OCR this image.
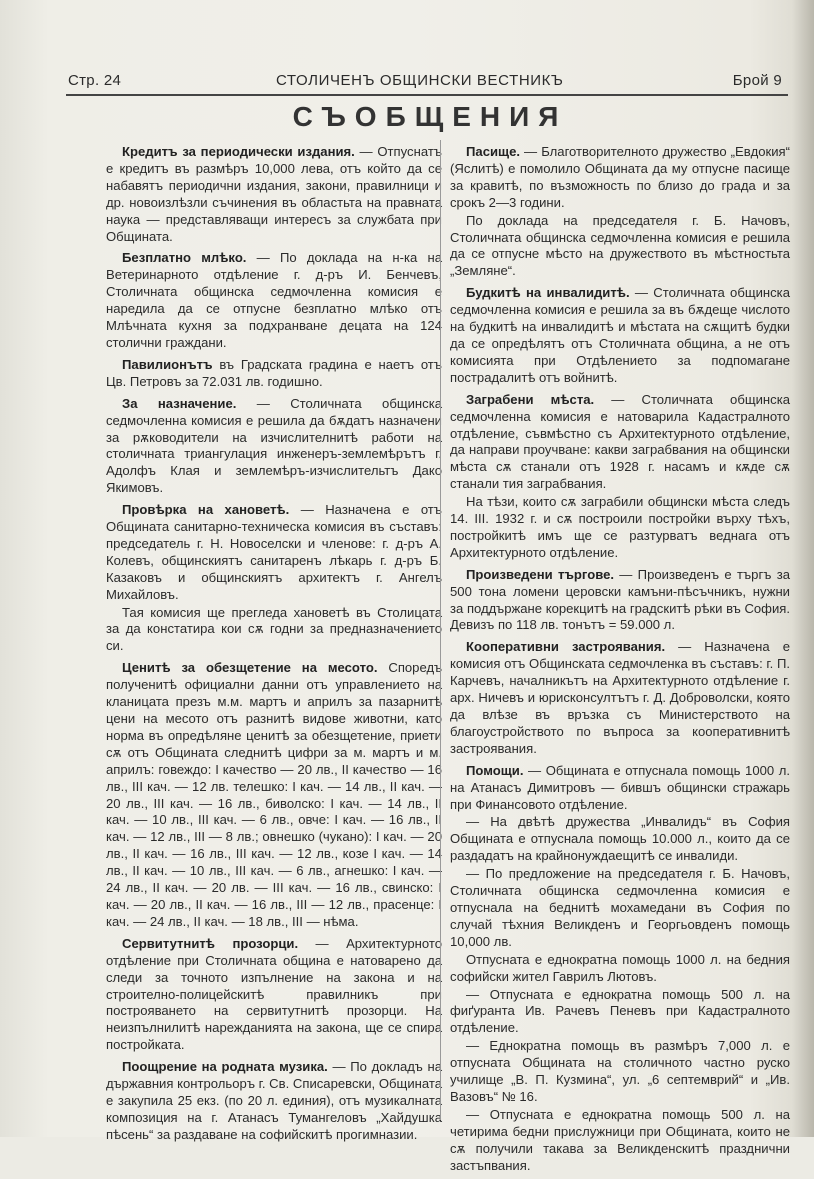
Стр. 24	СТОЛИЧЕНЪ ОБЩИНСКИ ВЕСТНИКЪ	Брой 9
СЪОБЩЕНИЯ

Кредитъ за периодически издания. — Отпуснатъ е кредитъ въ размѣръ 10,000 лева, отъ който да се набавятъ периодични издания, закони, правилници и др. новоизлѣзли съчинения въ областьта на правната наука — представляващи интересъ за службата при Общината.

Безплатно млѣко. — По доклада на н-ка на Ветеринарното отдѣление г. д-ръ И. Бенчевъ, Столичната общинска седмочленна комисия е наредила да се отпусне безплатно млѣко отъ Млѣчната кухня за подхранване децата на 124 столични граждани.

Павилионътъ въ Градската градина е наетъ отъ Цв. Петровъ за 72.031 лв. годишно.

За назначение. — Столичната общинска седмочленна комисия е решила да бѫдатъ назначени за рѫководители на изчислителнитѣ работи на столичната триангулация инженеръ-землемѣрътъ г. Адолфъ Клая и землемѣръ-изчислительтъ Дако Якимовъ.

Провѣрка на хановетѣ. — Назначена е отъ Общината санитарно-техническа комисия въ съставъ: председатель г. Н. Новоселски и членове: г. д-ръ А. Колевъ, общинскиятъ санитаренъ лѣкарь г. д-ръ Б. Казаковъ и общинскиятъ архитектъ г. Ангелъ Михайловъ.

Тая комисия ще прегледа хановетѣ въ Столицата за да констатира кои сѫ годни за предназначението си.

Ценитѣ за обезщетение на месото. Споредъ полученитѣ официални данни отъ управлението на кланицата презъ м.м. мартъ и априлъ за пазарнитѣ цени на месото отъ разнитѣ видове животни, като норма въ опредѣляне ценитѣ за обезщетение, приети сѫ отъ Общината следнитѣ цифри за м. мартъ и м. априлъ: говеждо: I качество — 20 лв., II качество — 16 лв., III кач. — 12 лв. телешко: I кач. — 14 лв., II кач. — 20 лв., III кач. — 16 лв., биволско: I кач. — 14 лв., II кач. — 10 лв., III кач. — 6 лв., овче: I кач. — 16 лв., II кач. — 12 лв., III — 8 лв.; овнешко (чукано): I кач. — 20 лв., II кач. — 16 лв., III кач. — 12 лв., козе I кач. — 14 лв., II кач. — 10 лв., III кач. — 6 лв., агнешко: I кач. — 24 лв., II кач. — 20 лв. — III кач. — 16 лв., свинско: I кач. — 20 лв., II кач. — 16 лв., III — 12 лв., прасенце: I кач. — 24 лв., II кач. — 18 лв., III — нѣма.

Сервитутнитѣ прозорци. — Архитектурното отдѣление при Столичната община е натоварено да следи за точното изпълнение на закона и на строително-полицейскитѣ правилникъ при построяването на сервитутнитѣ прозорци. На неизпълнилитѣ нарежданията на закона, ще се спира постройката.

Поощрение на родната музика. — По докладъ на държавния контрольоръ г. Св. Списаревски, Общината е закупила 25 екз. (по 20 л. единия), отъ музикалната композиция на г. Атанасъ Тумангеловъ „Хайдушка пѣсень“ за раздаване на софийскитѣ прогимназии.

Пасище. — Благотворителното дружество „Евдокия“ (Яслитѣ) е помолило Общината да му отпусне пасище за кравитѣ, по възможность по близо до града и за срокъ 2—3 години.

По доклада на председателя г. Б. Начовъ, Столичната общинска седмочленна комисия е решила да се отпусне мѣсто на дружеството въ мѣстностьта „Земляне“.

Будкитѣ на инвалидитѣ. — Столичната общинска седмочленна комисия е решила за въ бѫдеще числото на будкитѣ на инвалидитѣ и мѣстата на сѫщитѣ будки да се опредѣлятъ отъ Столичната община, а не отъ комисията при Отдѣлението за подпомагане пострадалитѣ отъ войнитѣ.

Заграбени мѣста. — Столичната общинска седмочленна комисия е натоварила Кадастралното отдѣление, съвмѣстно съ Архитектурното отдѣление, да направи проучване: какви заграбвания на общински мѣста сѫ станали отъ 1928 г. насамъ и кѫде сѫ станали тия заграбвания.

На тѣзи, които сѫ заграбили общински мѣста следъ 14. III. 1932 г. и сѫ построили постройки върху тѣхъ, постройкитѣ имъ ще се разтурватъ веднага отъ Архитектурното отдѣление.

Произведени търгове. — Произведенъ е търгъ за 500 тона ломени церовски камъни-пѣсъчникъ, нужни за поддържане корекцитѣ на градскитѣ рѣки въ София. Девизъ по 118 лв. тонътъ = 59.000 л.

Кооперативни застроявания. — Назначена е комисия отъ Общинската седмочленка въ съставъ: г. П. Карчевъ, началникътъ на Архитектурното отдѣление г. арх. Ничевъ и юрисконсултътъ г. Д. Доброволски, която да влѣзе въ връзка съ Министерството на благоустройството по въпроса за кооперативнитѣ застроявания.

Помощи. — Общината е отпуснала помощь 1000 л. на Атанасъ Димитровъ — бившъ общински стражарь при Финансовото отдѣление.

— На двѣтѣ дружества „Инвалидъ“ въ София Общината е отпуснала помощь 10.000 л., които да се раздадатъ на крайнонуждаещитѣ се инвалиди.

— По предложение на председателя г. Б. Начовъ, Столичната общинска седмочленна комисия е отпуснала на беднитѣ мохамедани въ София по случай тѣхния Великденъ и Георгьовденъ помощь 10,000 лв.

Отпусната е еднократна помощь 1000 л. на бедния софийски жител Гаврилъ Лютовъ.

— Отпусната е еднократна помощь 500 л. на фиґуранта Ив. Рачевъ Пеневъ при Кадастралното отдѣление.

— Еднократна помощь въ размѣръ 7,000 л. е отпусната Общината на столичното частно руско училище „В. П. Кузмина“, ул. „6 септемврий“ и „Ив. Вазовъ“ № 16.

— Отпусната е еднократна помощь 500 л. на четирима бедни прислужници при Общината, които не сѫ получили такава за Великденскитѣ празднични застъпвания.
